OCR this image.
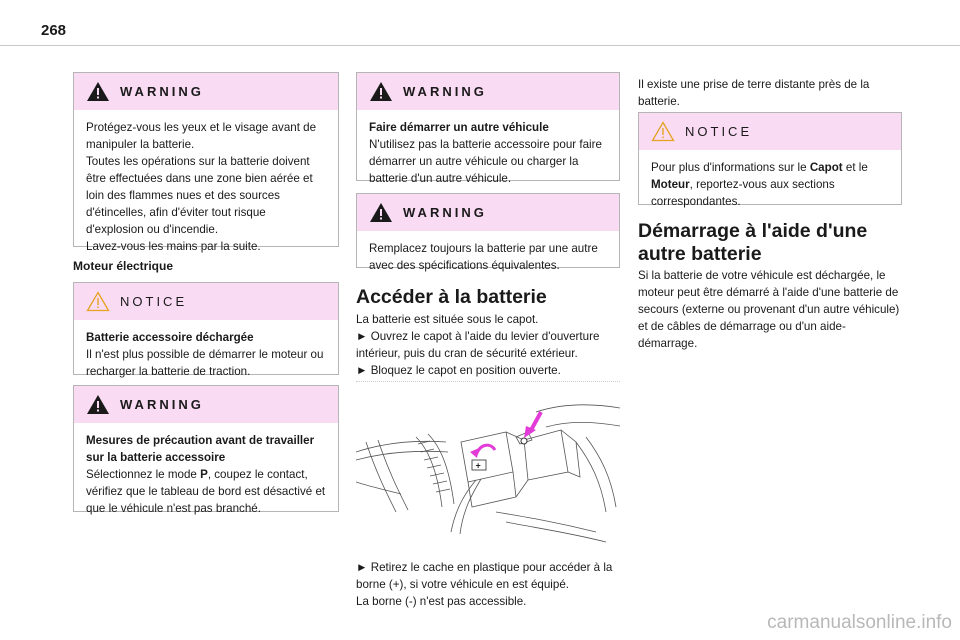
268
WARNING

Protégez-vous les yeux et le visage avant de manipuler la batterie.

Toutes les opérations sur la batterie doivent être effectuées dans une zone bien aérée et loin des flammes nues et des sources d'étincelles, afin d'éviter tout risque d'explosion ou d'incendie.

Lavez-vous les mains par la suite.

Moteur électrique
NOTICE

Batterie accessoire déchargée

Il n'est plus possible de démarrer le moteur ou recharger la batterie de traction.

WARNING

Mesures de précaution avant de travailler sur la batterie accessoire

Sélectionnez le mode P, coupez le contact, vérifiez que le tableau de bord est désactivé et que le véhicule n'est pas branché.

WARNING

Faire démarrer un autre véhicule

N'utilisez pas la batterie accessoire pour faire démarrer un autre véhicule ou charger la batterie d'un autre véhicule.

WARNING

Remplacez toujours la batterie par une autre avec des spécifications équivalentes.

Accéder à la batterie

La batterie est située sous le capot.

► Ouvrez le capot à l'aide du levier d'ouverture intérieur, puis du cran de sécurité extérieur.

► Bloquez le capot en position ouverte.

+

► Retirez le cache en plastique pour accéder à la borne (+), si votre véhicule en est équipé.

La borne (-) n'est pas accessible.

Il existe une prise de terre distante près de la batterie.
NOTICE

Pour plus d'informations sur le Capot et le Moteur, reportez-vous aux sections correspondantes.

Démarrage à l'aide d'une autre batterie
Si la batterie de votre véhicule est déchargée, le moteur peut être démarré à l'aide d'une batterie de secours (externe ou provenant d'un autre véhicule) et de câbles de démarrage ou d'un aide-démarrage.
carmanualsonline.info
